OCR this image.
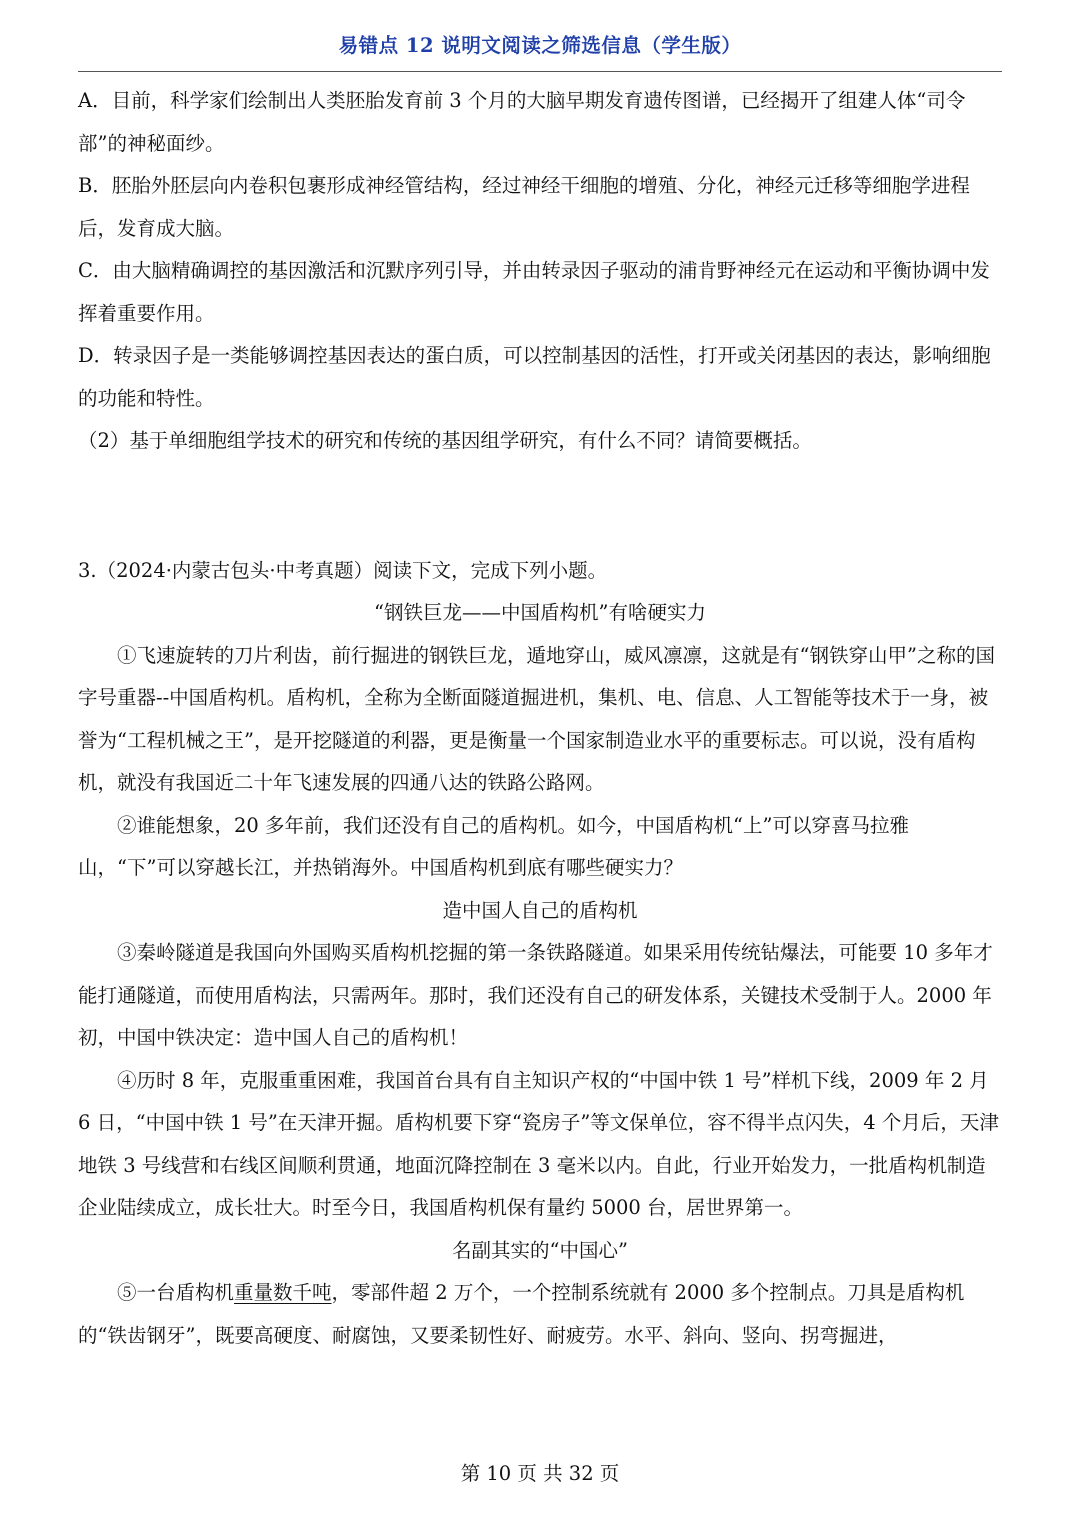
易错点 12 说明文阅读之筛选信息（学生版）

A．目前，科学家们绘制出人类胚胎发育前 3 个月的大脑早期发育遗传图谱，已经揭开了组建人体“司令部”的神秘面纱。

B．胚胎外胚层向内卷积包裹形成神经管结构，经过神经干细胞的增殖、分化，神经元迁移等细胞学进程后，发育成大脑。

C．由大脑精确调控的基因激活和沉默序列引导，并由转录因子驱动的浦肯野神经元在运动和平衡协调中发挥着重要作用。

D．转录因子是一类能够调控基因表达的蛋白质，可以控制基因的活性，打开或关闭基因的表达，影响细胞的功能和特性。

（2）基于单细胞组学技术的研究和传统的基因组学研究，有什么不同？请简要概括。

3.（2024·内蒙古包头·中考真题）阅读下文，完成下列小题。

“钢铁巨龙——中国盾构机”有啥硬实力

①飞速旋转的刀片利齿，前行掘进的钢铁巨龙，遁地穿山，威风凛凛，这就是有“钢铁穿山甲”之称的国字号重器--中国盾构机。盾构机，全称为全断面隧道掘进机，集机、电、信息、人工智能等技术于一身，被誉为“工程机械之王”，是开挖隧道的利器，更是衡量一个国家制造业水平的重要标志。可以说，没有盾构机，就没有我国近二十年飞速发展的四通八达的铁路公路网。

②谁能想象，20 多年前，我们还没有自己的盾构机。如今，中国盾构机“上”可以穿喜马拉雅山，“下”可以穿越长江，并热销海外。中国盾构机到底有哪些硬实力？

造中国人自己的盾构机

③秦岭隧道是我国向外国购买盾构机挖掘的第一条铁路隧道。如果采用传统钻爆法，可能要 10 多年才能打通隧道，而使用盾构法，只需两年。那时，我们还没有自己的研发体系，关键技术受制于人。2000 年初，中国中铁决定：造中国人自己的盾构机！

④历时 8 年，克服重重困难，我国首台具有自主知识产权的“中国中铁 1 号”样机下线，2009 年 2 月 6 日，“中国中铁 1 号”在天津开掘。盾构机要下穿“瓷房子”等文保单位，容不得半点闪失，4 个月后，天津地铁 3 号线营和右线区间顺利贯通，地面沉降控制在 3 毫米以内。自此，行业开始发力，一批盾构机制造企业陆续成立，成长壮大。时至今日，我国盾构机保有量约 5000 台，居世界第一。

名副其实的“中国心”

⑤一台盾构机重量数千吨，零部件超 2 万个，一个控制系统就有 2000 多个控制点。刀具是盾构机的“铁齿钢牙”，既要高硬度、耐腐蚀，又要柔韧性好、耐疲劳。水平、斜向、竖向、拐弯掘进，

第 10 页 共 32 页
